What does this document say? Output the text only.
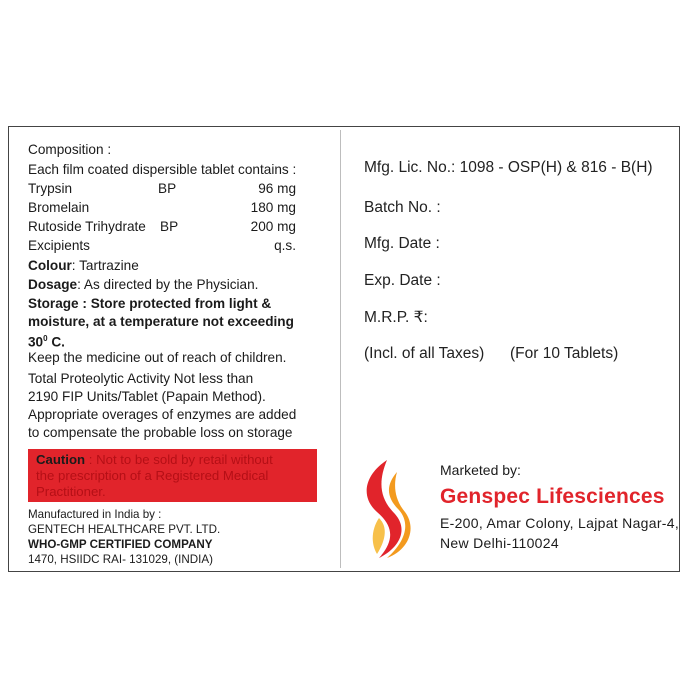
Composition :
Each film coated dispersible tablet contains :
Trypsin	BP	96 mg
Bromelain	180 mg
Rutoside Trihydrate BP	200 mg
Excipients	q.s.
Colour: Tartrazine
Dosage: As directed by the Physician.
Storage : Store protected from light &
moisture, at a temperature not exceeding
$30^0$ C.
Keep the medicine out of reach of children.
Total Proteolytic Activity Not less than
2190 FIP Units/Tablet (Papain Method).
Appropriate overages of enzymes are added
to compensate the probable loss on storage
Caution : Not to be sold by retail without
the prescription of a Registered Medical
Practitioner.
Manufactured in India by :
GENTECH HEALTHCARE PVT. LTD.
WHO-GMP CERTIFIED COMPANY
1470, HSIIDC RAI- 131029, (INDIA)
Mfg. Lic. No.: 1098 - OSP(H) & 816 - B(H)
Batch No. :
Mfg. Date :
Exp. Date :
M.R.P. ₹:
(Incl. of all Taxes) (For 10 Tablets)
Marketed by:
Genspec Lifesciences
E-200, Amar Colony, Lajpat Nagar-4,
New Delhi-110024
